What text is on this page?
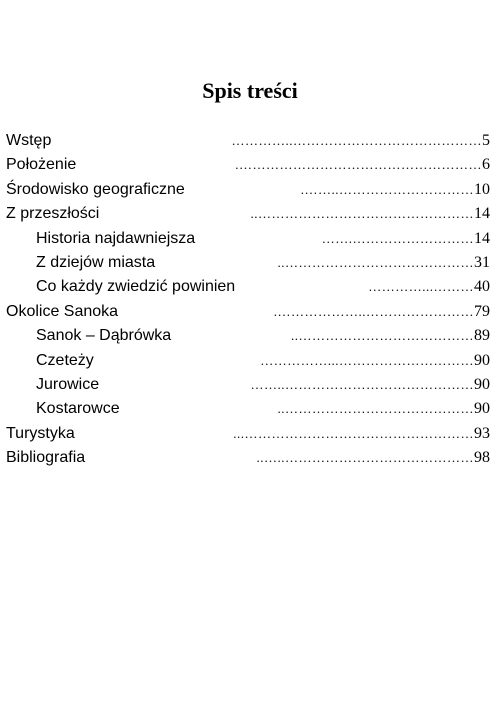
Spis treści
Wstęp	……………………………………..………… 5
Położenie	………………………………………………. 6
Środowisko geograficzne	…………………………..……. 10
Z przeszłości	………………………………………….. 14
Historia najdawniejsza	……………………….…… 14
Z dziejów miasta	…………………………………….. 31
Co każdy zwiedzić powinien	………...………… 40
Okolice Sanoka	……………………..………………. 79
Sanok – Dąbrówka	………………………………….. 89
Czeteży	…………………………...…………… 90
Jurowice	……………………………………..…… 90
Kostarowce	…………………………………….. 90
Turystyka	……………………………………………... 93
Bibliografia	……………………………………..….. 98
